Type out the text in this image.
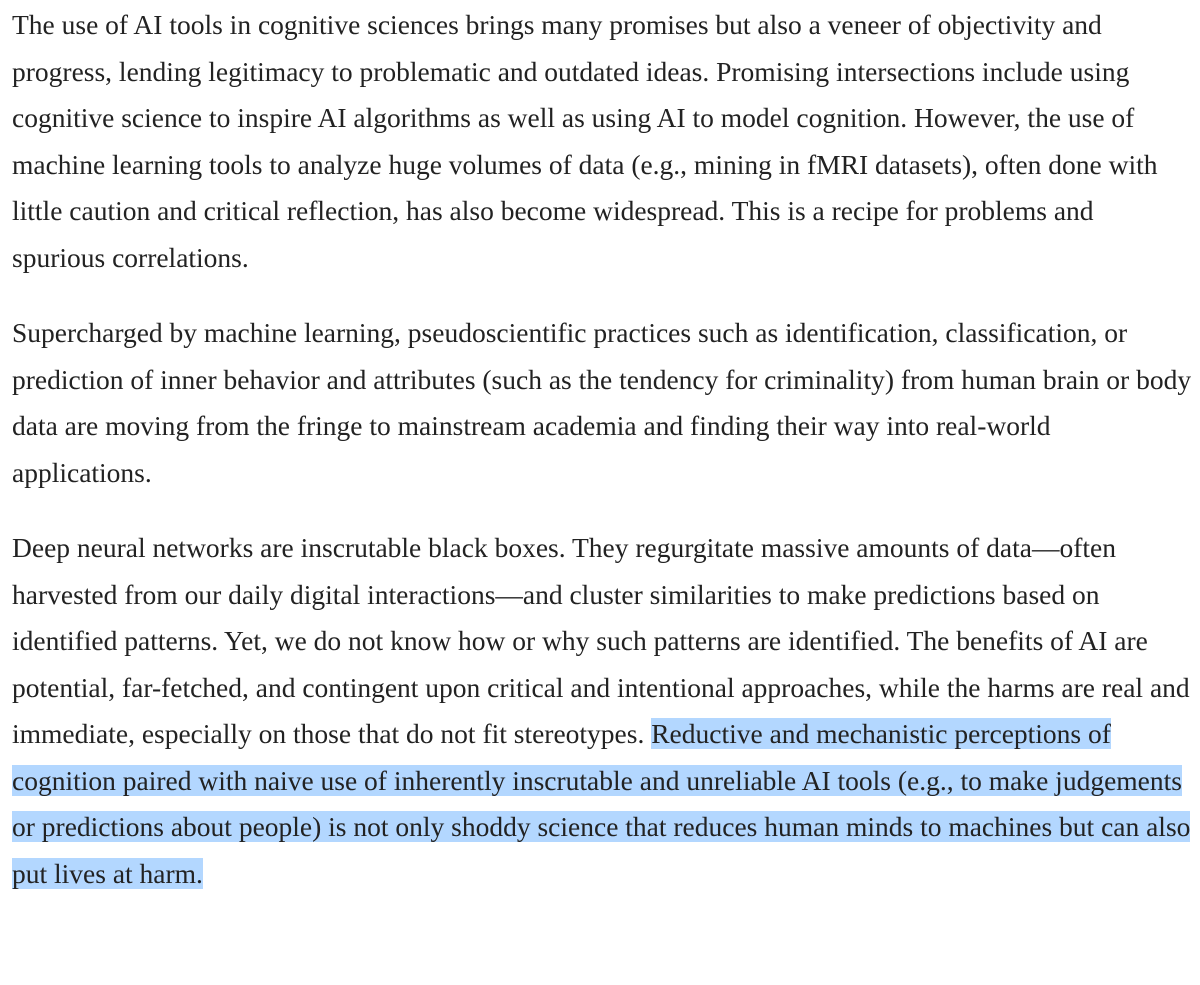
The use of AI tools in cognitive sciences brings many promises but also a veneer of objectivity and progress, lending legitimacy to problematic and outdated ideas. Promising intersections include using cognitive science to inspire AI algorithms as well as using AI to model cognition. However, the use of machine learning tools to analyze huge volumes of data (e.g., mining in fMRI datasets), often done with little caution and critical reflection, has also become widespread. This is a recipe for problems and spurious correlations.

Supercharged by machine learning, pseudoscientific practices such as identification, classification, or prediction of inner behavior and attributes (such as the tendency for criminality) from human brain or body data are moving from the fringe to mainstream academia and finding their way into real-world applications.

Deep neural networks are inscrutable black boxes. They regurgitate massive amounts of data—often harvested from our daily digital interactions—and cluster similarities to make predictions based on identified patterns. Yet, we do not know how or why such patterns are identified. The benefits of AI are potential, far-fetched, and contingent upon critical and intentional approaches, while the harms are real and immediate, especially on those that do not fit stereotypes. Reductive and mechanistic perceptions of cognition paired with naive use of inherently inscrutable and unreliable AI tools (e.g., to make judgements or predictions about people) is not only shoddy science that reduces human minds to machines but can also put lives at harm.
